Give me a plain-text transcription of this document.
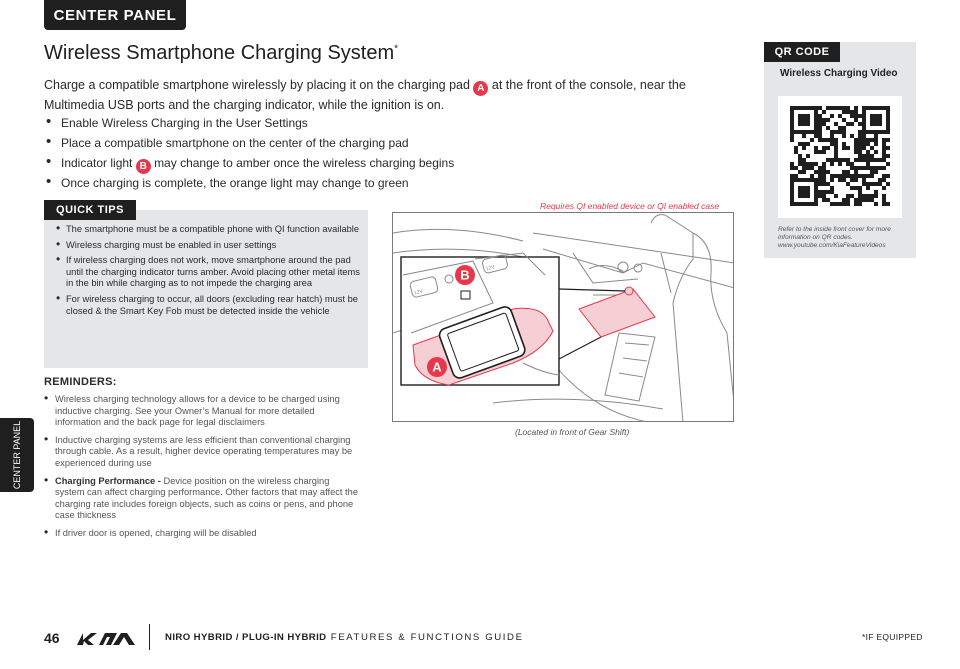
CENTER PANEL
CENTER PANEL
Wireless Smartphone Charging System*

Charge a compatible smartphone wirelessly by placing it on the charging pad A at the front of the console, near the Multimedia USB ports and the charging indicator, while the ignition is on.

• Enable Wireless Charging in the User Settings
• Place a compatible smartphone on the center of the charging pad
• Indicator light B may change to amber once the wireless charging begins
• Once charging is complete, the orange light may change to green
QUICK TIPS
• The smartphone must be a compatible phone with QI function available
• Wireless charging must be enabled in user settings
• If wireless charging does not work, move smartphone around the pad until the charging indicator turns amber. Avoid placing other metal items in the bin while charging as to not impede the charging area
• For wireless charging to occur, all doors (excluding rear hatch) must be closed & the Smart Key Fob must be detected inside the vehicle
REMINDERS:
• Wireless charging technology allows for a device to be charged using inductive charging. See your Owner’s Manual for more detailed information and the back page for legal disclaimers
• Inductive charging systems are less efficient than conventional charging through cable. As a result, higher device operating temperatures may be experienced during use
• Charging Performance - Device position on the wireless charging system can affect charging performance. Other factors that may affect the charging rate includes foreign objects, such as coins or pens, and phone case thickness
• If driver door is opened, charging will be disabled
Requires QI enabled device or QI enabled case
12V
12V
B
A
(Located in front of Gear Shift)
QR CODE
Wireless Charging Video
Refer to the inside front cover for more information on QR codes. www.youtube.com/KiaFeatureVideos
46	NIRO HYBRID / PLUG-IN HYBRID FEATURES & FUNCTIONS GUIDE	*IF EQUIPPED
